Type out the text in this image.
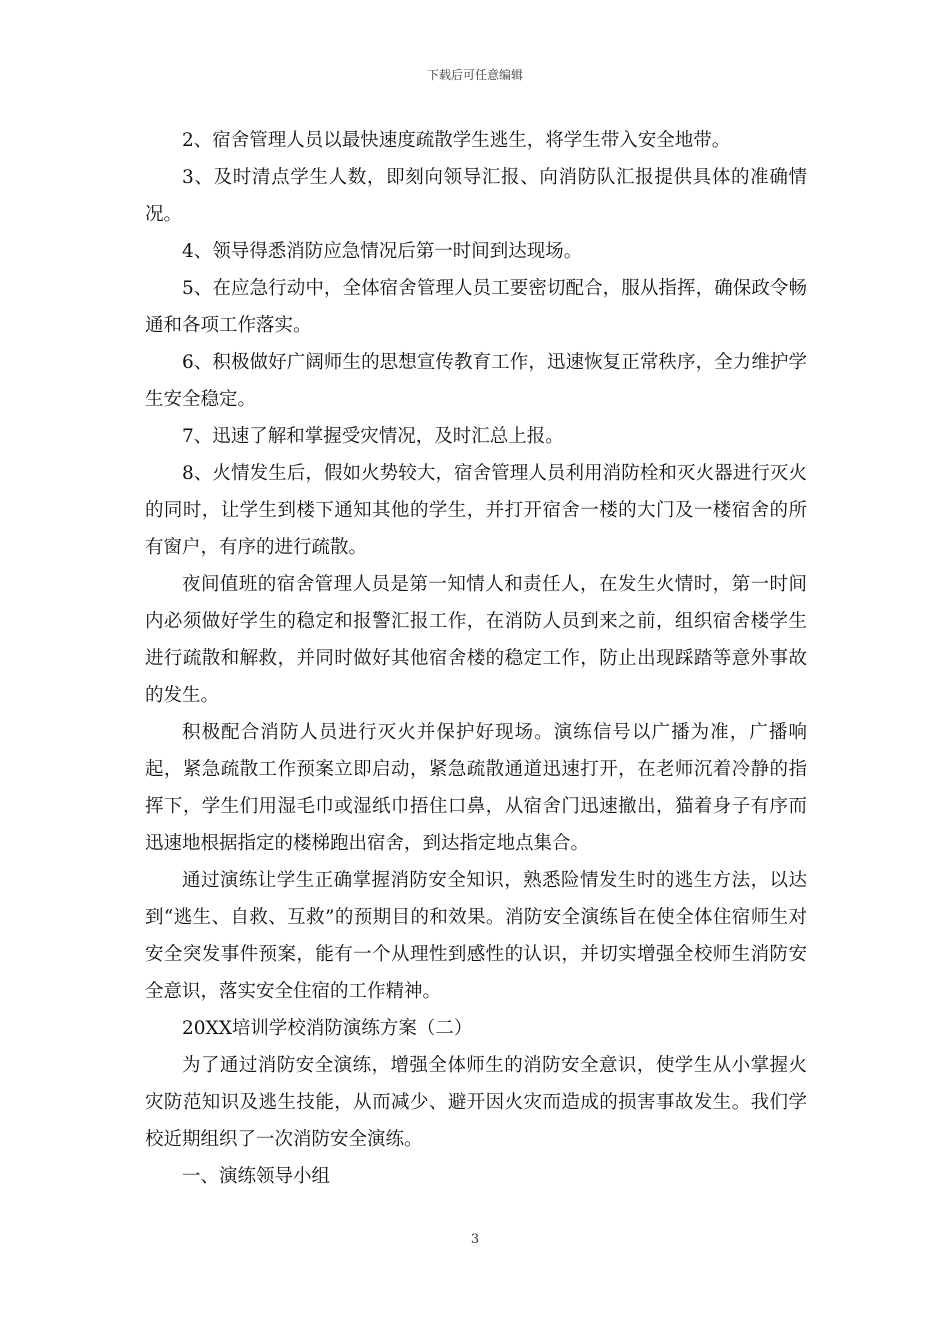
下载后可任意编辑

2、宿舍管理人员以最快速度疏散学生逃生，将学生带入安全地带。

3、及时清点学生人数，即刻向领导汇报、向消防队汇报提供具体的准确情况。

4、领导得悉消防应急情况后第一时间到达现场。

5、在应急行动中，全体宿舍管理人员工要密切配合，服从指挥，确保政令畅通和各项工作落实。

6、积极做好广阔师生的思想宣传教育工作，迅速恢复正常秩序，全力维护学生安全稳定。

7、迅速了解和掌握受灾情况，及时汇总上报。

8、火情发生后，假如火势较大，宿舍管理人员利用消防栓和灭火器进行灭火的同时，让学生到楼下通知其他的学生，并打开宿舍一楼的大门及一楼宿舍的所有窗户，有序的进行疏散。

夜间值班的宿舍管理人员是第一知情人和责任人，在发生火情时，第一时间内必须做好学生的稳定和报警汇报工作，在消防人员到来之前，组织宿舍楼学生进行疏散和解救，并同时做好其他宿舍楼的稳定工作，防止出现踩踏等意外事故的发生。

积极配合消防人员进行灭火并保护好现场。演练信号以广播为准，广播响起，紧急疏散工作预案立即启动，紧急疏散通道迅速打开，在老师沉着冷静的指挥下，学生们用湿毛巾或湿纸巾捂住口鼻，从宿舍门迅速撤出，猫着身子有序而迅速地根据指定的楼梯跑出宿舍，到达指定地点集合。

通过演练让学生正确掌握消防安全知识，熟悉险情发生时的逃生方法，以达到“逃生、自救、互救”的预期目的和效果。消防安全演练旨在使全体住宿师生对安全突发事件预案，能有一个从理性到感性的认识，并切实增强全校师生消防安全意识，落实安全住宿的工作精神。

20XX培训学校消防演练方案（二）

为了通过消防安全演练，增强全体师生的消防安全意识，使学生从小掌握火灾防范知识及逃生技能，从而减少、避开因火灾而造成的损害事故发生。我们学校近期组织了一次消防安全演练。

一、演练领导小组

3
